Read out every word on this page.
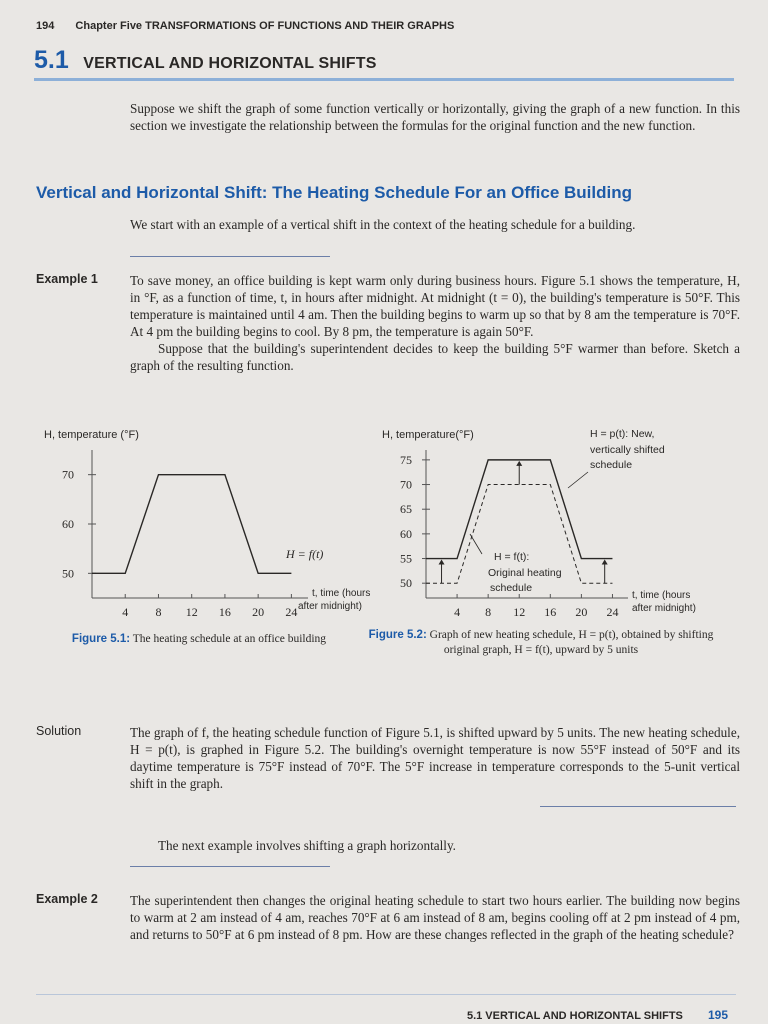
194 Chapter Five TRANSFORMATIONS OF FUNCTIONS AND THEIR GRAPHS
5.1 VERTICAL AND HORIZONTAL SHIFTS

Suppose we shift the graph of some function vertically or horizontally, giving the graph of a new function. In this section we investigate the relationship between the formulas for the original function and the new function.

Vertical and Horizontal Shift: The Heating Schedule For an Office Building

We start with an example of a vertical shift in the context of the heating schedule for a building.

Example 1 To save money, an office building is kept warm only during business hours. Figure 5.1 shows the temperature, H, in °F, as a function of time, t, in hours after midnight. At midnight (t = 0), the building's temperature is 50°F. This temperature is maintained until 4 am. Then the building begins to warm up so that by 8 am the temperature is 70°F. At 4 pm the building begins to cool. By 8 pm, the temperature is again 50°F.

Suppose that the building's superintendent decides to keep the building 5°F warmer than before. Sketch a graph of the resulting function.

H, temperature (°F)
50
60
70
4 8 12 16 20 24
H = f(t)
t, time (hours after midnight)
Figure 5.1: The heating schedule at an office building
H, temperature(°F)
50
55
60
65
70
75
4 8 12 16 20 24
H = p(t): New, vertically shifted schedule
H = f(t): Original heating schedule
t, time (hours after midnight)
Figure 5.2: Graph of new heating schedule, H = p(t), obtained by shifting original graph, H = f(t), upward by 5 units
Solution	The graph of f, the heating schedule function of Figure 5.1, is shifted upward by 5 units. The new heating schedule, H = p(t), is graphed in Figure 5.2. The building's overnight temperature is now 55°F instead of 50°F and its daytime temperature is 75°F instead of 70°F. The 5°F increase in temperature corresponds to the 5-unit vertical shift in the graph.

The next example involves shifting a graph horizontally.

Example 2 The superintendent then changes the original heating schedule to start two hours earlier. The building now begins to warm at 2 am instead of 4 am, reaches 70°F at 6 am instead of 8 am, begins cooling off at 2 pm instead of 4 pm, and returns to 50°F at 6 pm instead of 8 pm. How are these changes reflected in the graph of the heating schedule?

5.1 VERTICAL AND HORIZONTAL SHIFTS 195
